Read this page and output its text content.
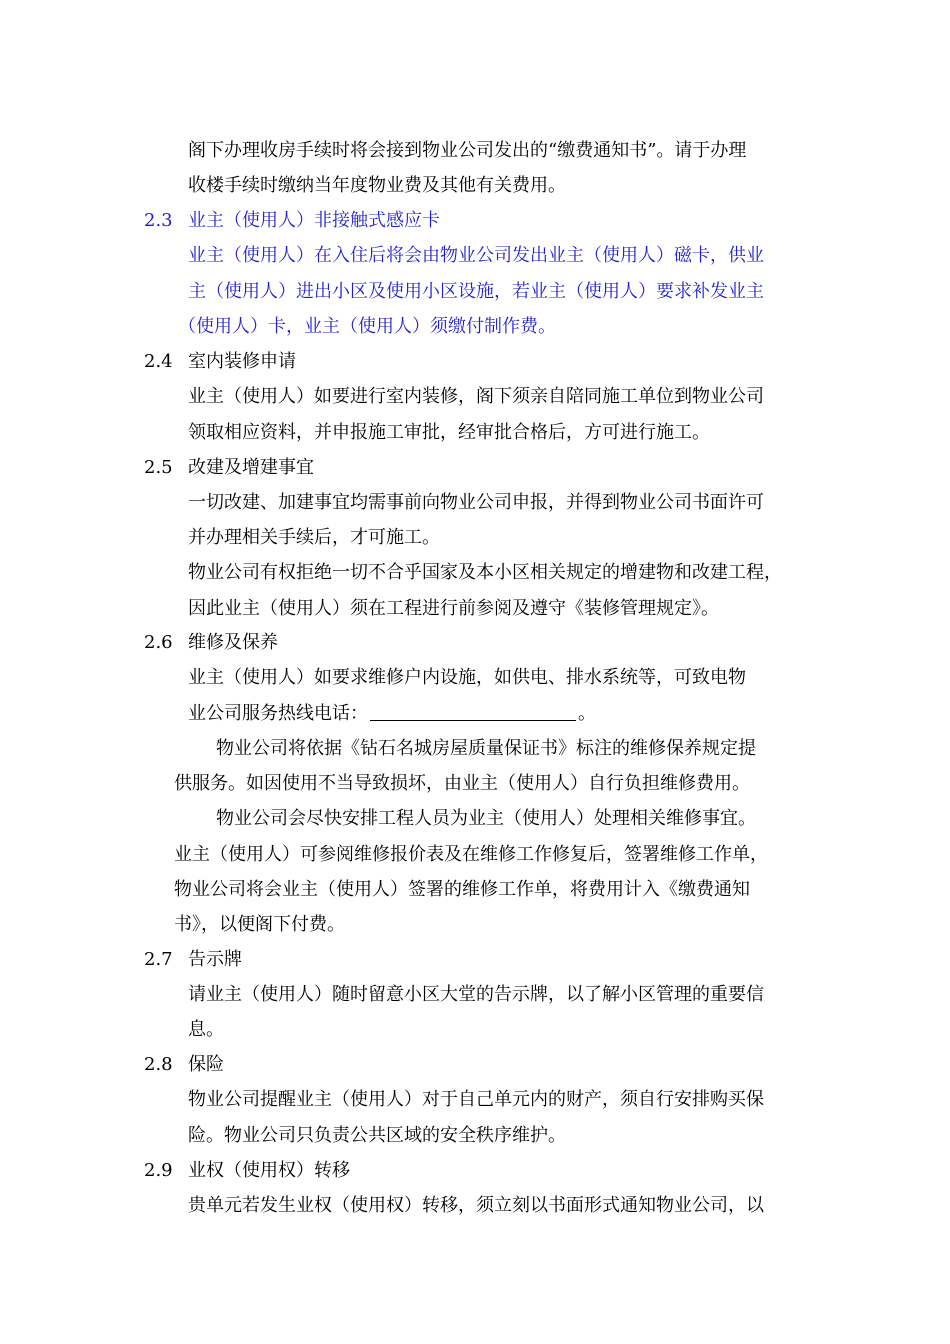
阁下办理收房手续时将会接到物业公司发出的“缴费通知书”。请于办理
收楼手续时缴纳当年度物业费及其他有关费用。
2.3 业主（使用人）非接触式感应卡
业主（使用人）在入住后将会由物业公司发出业主（使用人）磁卡，供业
主（使用人）进出小区及使用小区设施，若业主（使用人）要求补发业主
（使用人）卡，业主（使用人）须缴付制作费。
2.4 室内装修申请
业主（使用人）如要进行室内装修，阁下须亲自陪同施工单位到物业公司
领取相应资料，并申报施工审批，经审批合格后，方可进行施工。
2.5 改建及增建事宜
一切改建、加建事宜均需事前向物业公司申报，并得到物业公司书面许可
并办理相关手续后，才可施工。
物业公司有权拒绝一切不合乎国家及本小区相关规定的增建物和改建工程，
因此业主（使用人）须在工程进行前参阅及遵守《装修管理规定》。
2.6 维修及保养
业主（使用人）如要求维修户内设施，如供电、排水系统等，可致电物
业公司服务热线电话：	。
物业公司将依据《钻石名城房屋质量保证书》标注的维修保养规定提
供服务。如因使用不当导致损坏，由业主（使用人）自行负担维修费用。
物业公司会尽快安排工程人员为业主（使用人）处理相关维修事宜。
业主（使用人）可参阅维修报价表及在维修工作修复后，签署维修工作单，
物业公司将会业主（使用人）签署的维修工作单，将费用计入《缴费通知
书》，以便阁下付费。
2.7 告示牌
请业主（使用人）随时留意小区大堂的告示牌，以了解小区管理的重要信
息。
2.8 保险
物业公司提醒业主（使用人）对于自己单元内的财产，须自行安排购买保
险。物业公司只负责公共区域的安全秩序维护。
2.9 业权（使用权）转移
贵单元若发生业权（使用权）转移，须立刻以书面形式通知物业公司，以
